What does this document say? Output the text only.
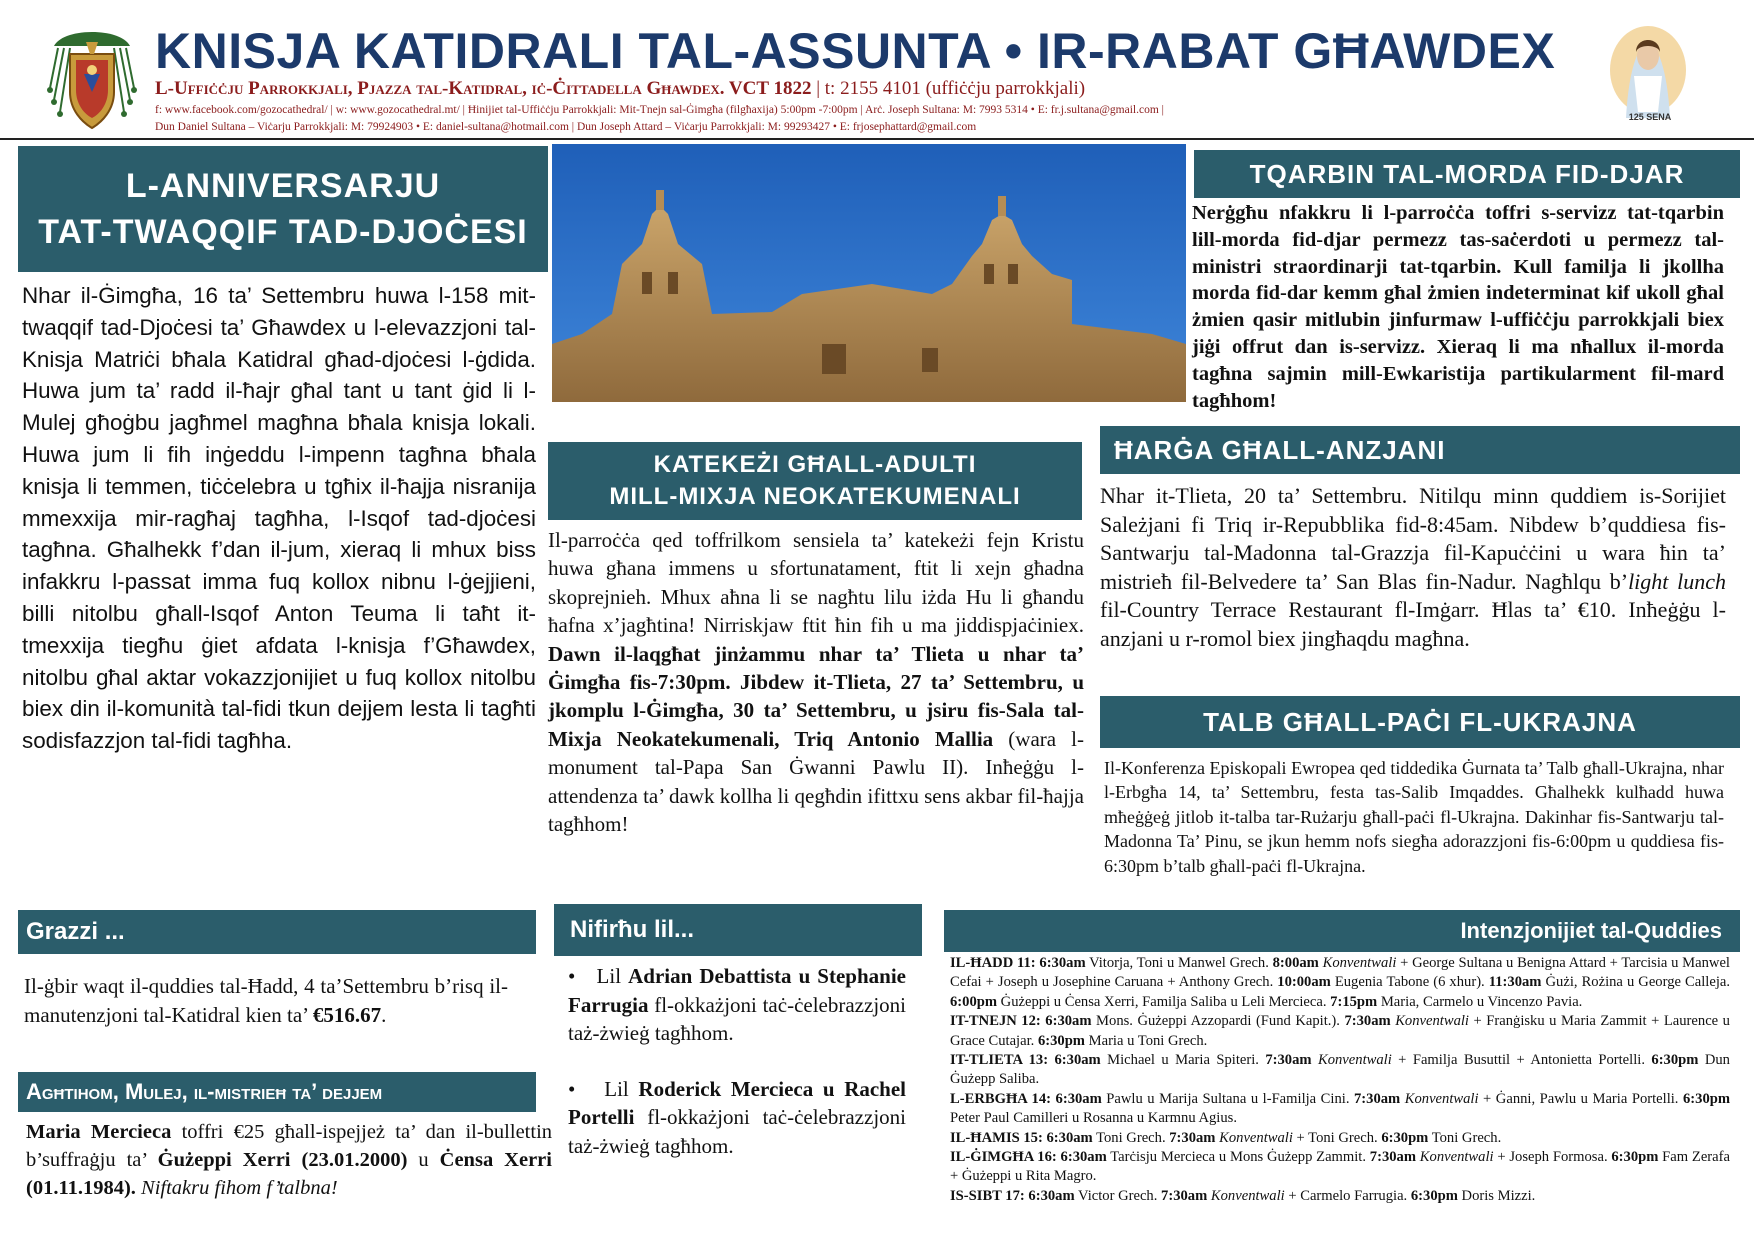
KNISJA KATIDRALI TAL-ASSUNTA • IR-RABAT GĦAWDEX
L-Uffiċċju Parrokkjali, Pjazza tal-Katidral, iċ-Ċittadella Għawdex. VCT 1822 | t: 2155 4101 (uffiċċju parrokkjali)
f: www.facebook.com/gozocathedral/ | w: www.gozocathedral.mt/ | Ħinijiet tal-Uffiċċju Parrokkjali: Mit-Tnejn sal-Ġimgħa (filgħaxija) 5:00pm -7:00pm | Arċ. Joseph Sultana: M: 7993 5314 • E: fr.j.sultana@gmail.com |
Dun Daniel Sultana – Viċarju Parrokkjali: M: 79924903 • E: daniel-sultana@hotmail.com | Dun Joseph Attard – Viċarju Parrokkjali: M: 99293427 • E: frjosephattard@gmail.com
125 SENA
L-ANNIVERSARJU
TAT-TWAQQIF TAD-DJOĊESI
Nhar il-Ġimgħa, 16 ta’ Settembru huwa l-158 mit-twaqqif tad-Djoċesi ta’ Għawdex u l-elevazzjoni tal-Knisja Matriċi bħala Katidral għad-djoċesi l-ġdida. Huwa jum ta’ radd il-ħajr għal tant u tant ġid li l-Mulej għoġbu jagħmel magħna bħala knisja lokali. Huwa jum li fih inġeddu l-impenn tagħna bħala knisja li temmen, tiċċelebra u tgħix il-ħajja nisranija mmexxija mir-ragħaj tagħha, l-Isqof tad-djoċesi tagħna. Għalhekk f’dan il-jum, xieraq li mhux biss infakkru l-passat imma fuq kollox nibnu l-ġejjieni, billi nitolbu għall-Isqof Anton Teuma li taħt it-tmexxija tiegħu ġiet afdata l-knisja f’Għawdex, nitolbu għal aktar vokazzjonijiet u fuq kollox nitolbu biex din il-komunità tal-fidi tkun dejjem lesta li tagħti sodisfazzjon tal-fidi tagħha.
KATEKEŻI GĦALL-ADULTI
MILL-MIXJA NEOKATEKUMENALI
Il-parroċċa qed toffrilkom sensiela ta’ katekeżi fejn Kristu huwa għana immens u sfortunatament, ftit li xejn għadna skoprejnieh. Mhux aħna li se nagħtu lilu iżda Hu li għandu ħafna x’jagħtina! Nirriskjaw ftit ħin fih u ma jiddispjaċiniex. Dawn il-laqgħat jinżammu nhar ta’ Tlieta u nhar ta’ Ġimgħa fis-7:30pm. Jibdew it-Tlieta, 27 ta’ Settembru, u jkomplu l-Ġimgħa, 30 ta’ Settembru, u jsiru fis-Sala tal-Mixja Neokatekumenali, Triq Antonio Mallia (wara l-monument tal-Papa San Ġwanni Pawlu II). Inħeġġu l-attendenza ta’ dawk kollha li qegħdin ifittxu sens akbar fil-ħajja tagħhom!
TQARBIN TAL-MORDA FID-DJAR
Nerġgħu nfakkru li l-parroċċa toffri s-servizz tat-tqarbin lill-morda fid-djar permezz tas-saċerdoti u permezz tal-ministri straordinarji tat-tqarbin. Kull familja li jkollha morda fid-dar kemm għal żmien indeterminat kif ukoll għal żmien qasir mitlubin jinfurmaw l-uffiċċju parrokkjali biex jiġi offrut dan is-servizz. Xieraq li ma nħallux il-morda tagħna sajmin mill-Ewkaristija partikularment fil-mard tagħhom!
ĦARĠA GĦALL-ANZJANI
Nhar it-Tlieta, 20 ta’ Settembru. Nitilqu minn quddiem is-Sorijiet Sależjani fi Triq ir-Repubblika fid-8:45am. Nibdew b’quddiesa fis-Santwarju tal-Madonna tal-Grazzja fil-Kapuċċini u wara ħin ta’ mistrieħ fil-Belvedere ta’ San Blas fin-Nadur. Nagħlqu b’light lunch fil-Country Terrace Restaurant fl-Imġarr. Ħlas ta’ €10. Inħeġġu l-anzjani u r-romol biex jingħaqdu magħna.
TALB GĦALL-PAĊI FL-UKRAJNA
Il-Konferenza Episkopali Ewropea qed tiddedika Ġurnata ta’ Talb għall-Ukrajna, nhar l-Erbgħa 14, ta’ Settembru, festa tas-Salib Imqaddes. Għalhekk kulħadd huwa mħeġġeġ jitlob it-talba tar-Rużarju għall-paċi fl-Ukrajna. Dakinhar fis-Santwarju tal-Madonna Ta’ Pinu, se jkun hemm nofs siegħa adorazzjoni fis-6:00pm u quddiesa fis-6:30pm b’talb għall-paċi fl-Ukrajna.
Grazzi ...
Il-ġbir waqt il-quddies tal-Ħadd, 4 ta’Settembru b’risq il-manutenzjoni tal-Katidral kien ta’ €516.67.
Agħtihom, Mulej, il-mistrieħ ta’ dejjem
Maria Mercieca toffri €25 għall-ispejjeż ta’ dan il-bullettin b’suffraġju ta’ Ġużeppi Xerri (23.01.2000) u Ċensa Xerri (01.11.1984). Niftakru fihom f’talbna!
Nifirħu lil...
• Lil Adrian Debattista u Stephanie Farrugia fl-okkażjoni taċ-ċelebrazzjoni taż-żwieġ tagħhom.
• Lil Roderick Mercieca u Rachel Portelli fl-okkażjoni taċ-ċelebrazzjoni taż-żwieġ tagħhom.
Intenzjonijiet tal-Quddies

IL-ĦADD 11: 6:30am Vitorja, Toni u Manwel Grech. 8:00am Konventwali + George Sultana u Benigna Attard + Tarcisia u Manwel Cefai + Joseph u Josephine Caruana + Anthony Grech. 10:00am Eugenia Tabone (6 xhur). 11:30am Ġużi, Rożina u George Calleja. 6:00pm Ġużeppi u Ċensa Xerri, Familja Saliba u Leli Mercieca. 7:15pm Maria, Carmelo u Vincenzo Pavia.

IT-TNEJN 12: 6:30am Mons. Ġużeppi Azzopardi (Fund Kapit.). 7:30am Konventwali + Franġisku u Maria Zammit + Laurence u Grace Cutajar. 6:30pm Maria u Toni Grech.

IT-TLIETA 13: 6:30am Michael u Maria Spiteri. 7:30am Konventwali + Familja Busuttil + Antonietta Portelli. 6:30pm Dun Ġużepp Saliba.

L-ERBGĦA 14: 6:30am Pawlu u Marija Sultana u l-Familja Cini. 7:30am Konventwali + Ġanni, Pawlu u Maria Portelli. 6:30pm Peter Paul Camilleri u Rosanna u Karmnu Agius.

IL-ĦAMIS 15: 6:30am Toni Grech. 7:30am Konventwali + Toni Grech. 6:30pm Toni Grech.

IL-ĠIMGĦA 16: 6:30am Tarċisju Mercieca u Mons Ġużepp Zammit. 7:30am Konventwali + Joseph Formosa. 6:30pm Fam Zerafa + Ġużeppi u Rita Magro.

IS-SIBT 17: 6:30am Victor Grech. 7:30am Konventwali + Carmelo Farrugia. 6:30pm Doris Mizzi.
